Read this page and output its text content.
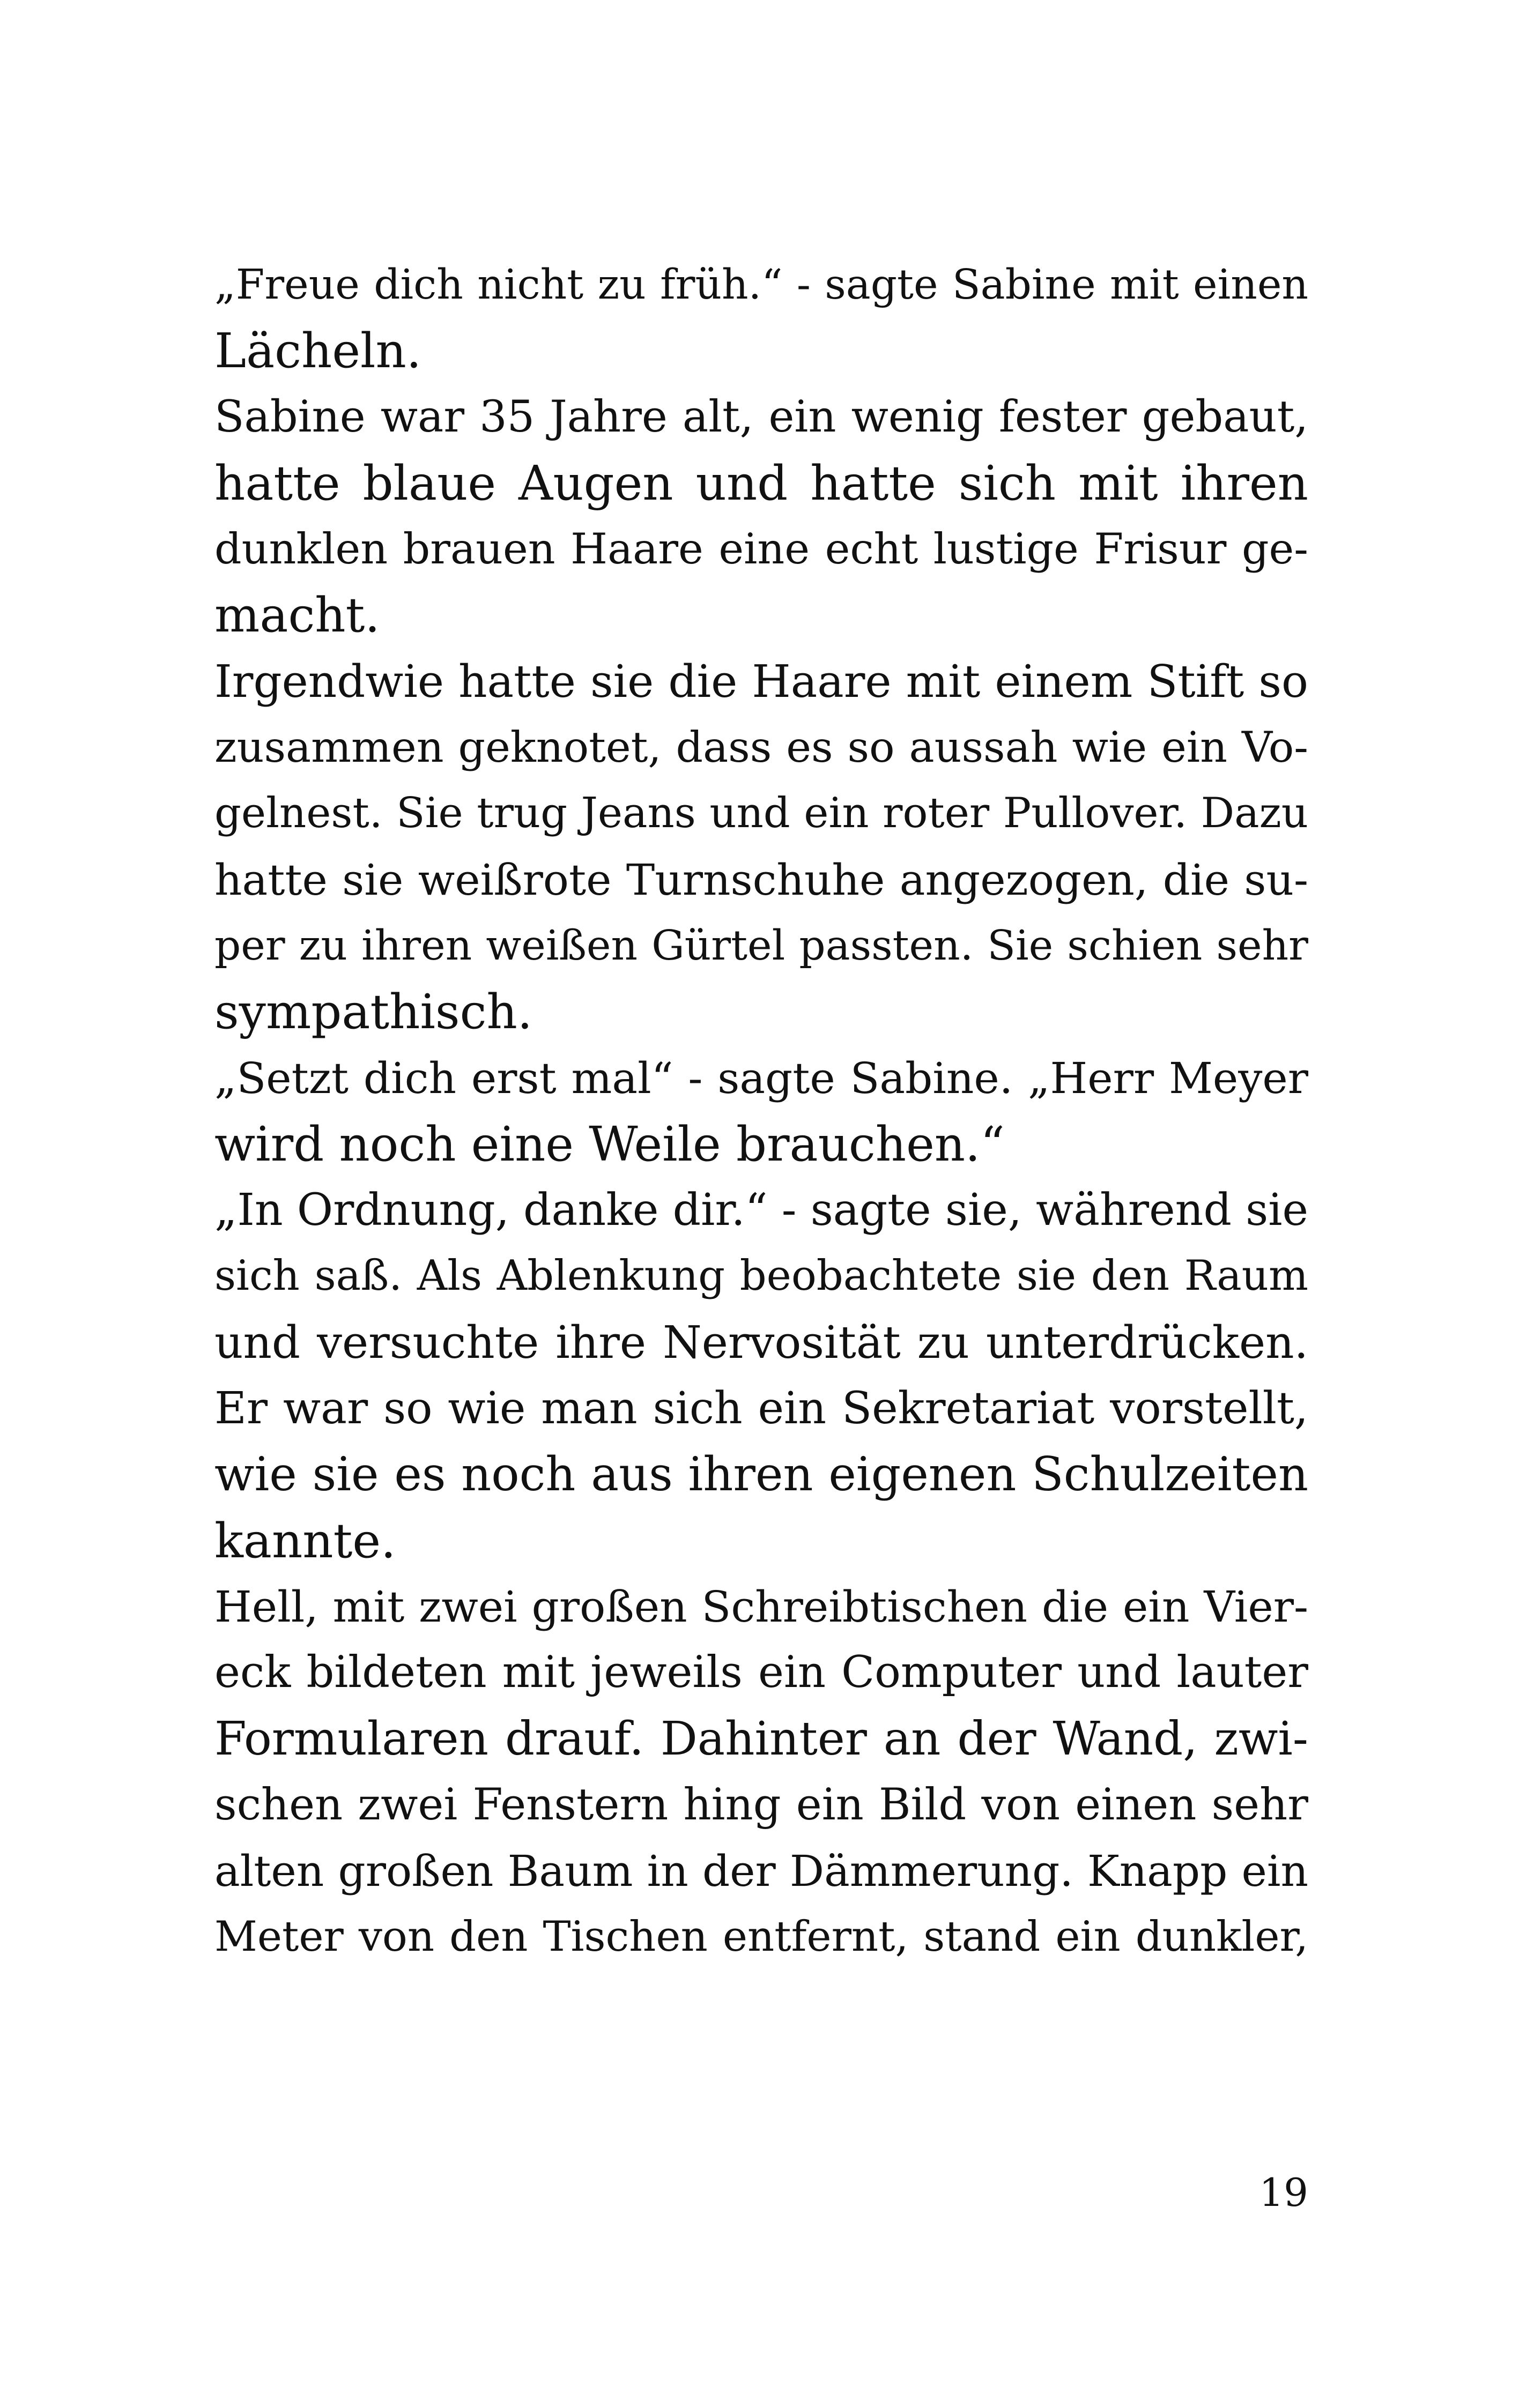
„Freue dich nicht zu früh.“ - sagte Sabine mit einen
Lächeln.
Sabine war 35 Jahre alt, ein wenig fester gebaut,
hatte blaue Augen und hatte sich mit ihren
dunklen brauen Haare eine echt lustige Frisur ge-
macht.
Irgendwie hatte sie die Haare mit einem Stift so
zusammen geknotet, dass es so aussah wie ein Vo-
gelnest. Sie trug Jeans und ein roter Pullover. Dazu
hatte sie weißrote Turnschuhe angezogen, die su-
per zu ihren weißen Gürtel passten. Sie schien sehr
sympathisch.
„Setzt dich erst mal“ - sagte Sabine. „Herr Meyer
wird noch eine Weile brauchen.“
„In Ordnung, danke dir.“ - sagte sie, während sie
sich saß. Als Ablenkung beobachtete sie den Raum
und versuchte ihre Nervosität zu unterdrücken.
Er war so wie man sich ein Sekretariat vorstellt,
wie sie es noch aus ihren eigenen Schulzeiten
kannte.
Hell, mit zwei großen Schreibtischen die ein Vier-
eck bildeten mit jeweils ein Computer und lauter
Formularen drauf. Dahinter an der Wand, zwi-
schen zwei Fenstern hing ein Bild von einen sehr
alten großen Baum in der Dämmerung. Knapp ein
Meter von den Tischen entfernt, stand ein dunkler,
19
